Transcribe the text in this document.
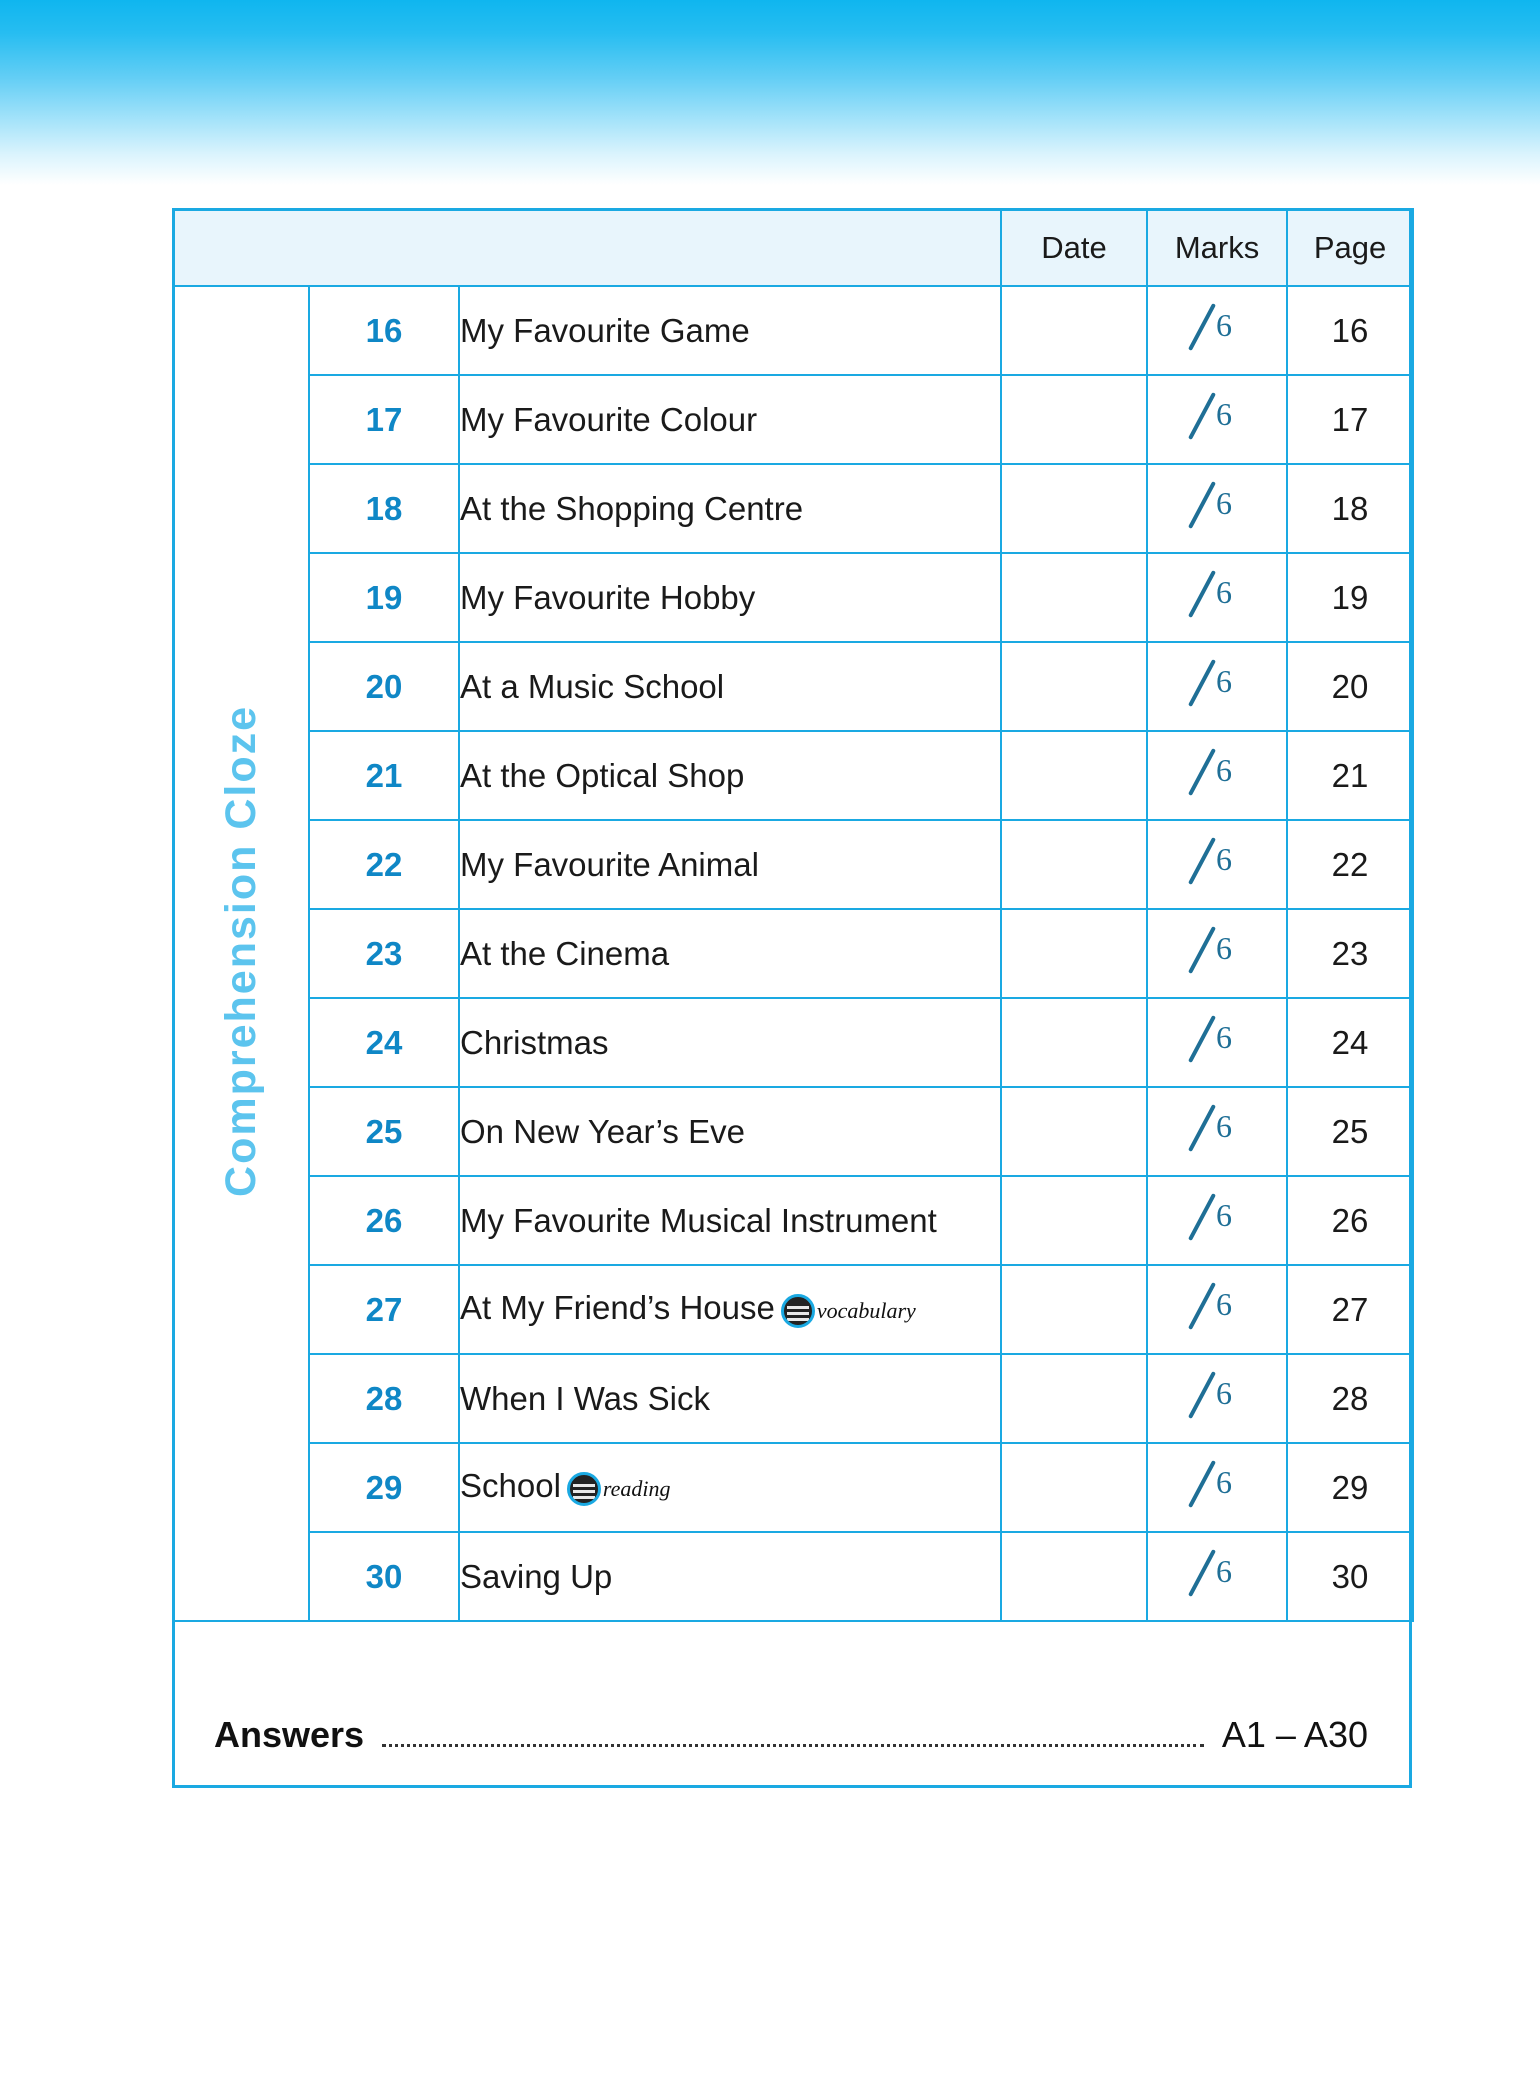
			Date	Marks	Page
Comprehension Cloze	16	My Favourite Game		6	16
	17	My Favourite Colour		6	17
	18	At the Shopping Centre		6	18
	19	My Favourite Hobby		6	19
	20	At a Music School		6	20
	21	At the Optical Shop		6	21
	22	My Favourite Animal		6	22
	23	At the Cinema		6	23
	24	Christmas		6	24
	25	On New Year’s Eve		6	25
	26	My Favourite Musical Instrument		6	26
	27	At My Friend’s House vocabulary		6	27
	28	When I Was Sick		6	28
	29	School reading		6	29
	30	Saving Up		6	30
Answers	A1 – A30
